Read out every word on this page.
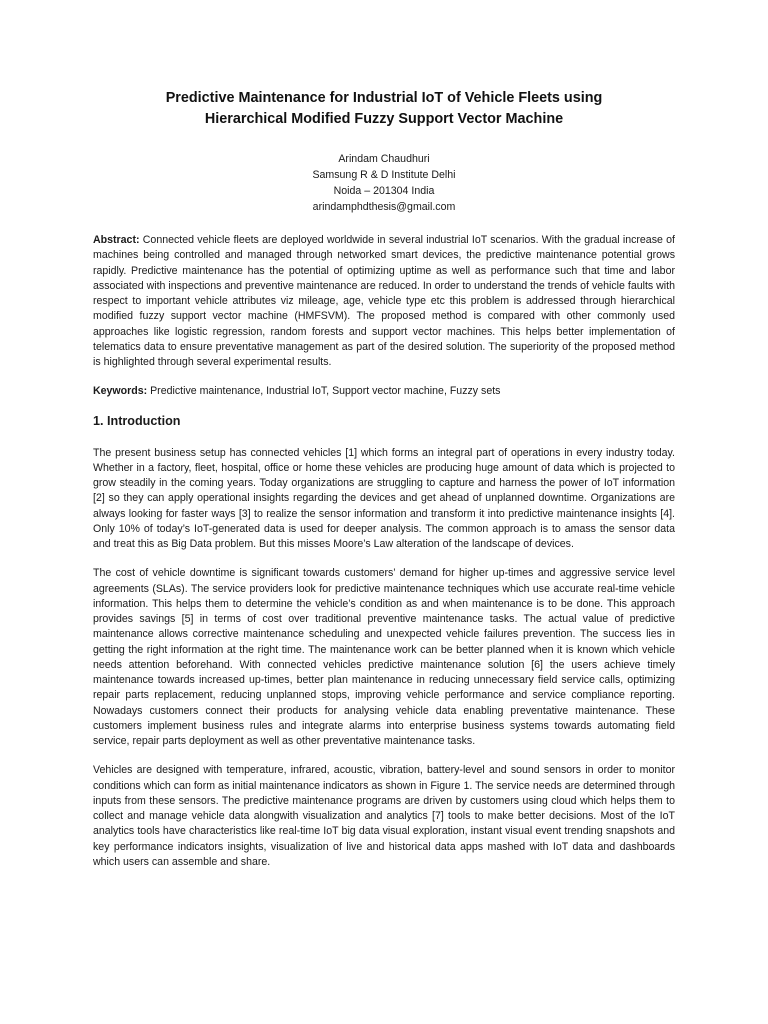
Predictive Maintenance for Industrial IoT of Vehicle Fleets using
Hierarchical Modified Fuzzy Support Vector Machine
Arindam Chaudhuri
Samsung R & D Institute Delhi
Noida – 201304 India
arindamphdthesis@gmail.com

Abstract: Connected vehicle fleets are deployed worldwide in several industrial IoT scenarios. With the gradual increase of machines being controlled and managed through networked smart devices, the predictive maintenance potential grows rapidly. Predictive maintenance has the potential of optimizing uptime as well as performance such that time and labor associated with inspections and preventive maintenance are reduced. In order to understand the trends of vehicle faults with respect to important vehicle attributes viz mileage, age, vehicle type etc this problem is addressed through hierarchical modified fuzzy support vector machine (HMFSVM). The proposed method is compared with other commonly used approaches like logistic regression, random forests and support vector machines. This helps better implementation of telematics data to ensure preventative management as part of the desired solution. The superiority of the proposed method is highlighted through several experimental results.

Keywords: Predictive maintenance, Industrial IoT, Support vector machine, Fuzzy sets

1. Introduction

The present business setup has connected vehicles [1] which forms an integral part of operations in every industry today. Whether in a factory, fleet, hospital, office or home these vehicles are producing huge amount of data which is projected to grow steadily in the coming years. Today organizations are struggling to capture and harness the power of IoT information [2] so they can apply operational insights regarding the devices and get ahead of unplanned downtime. Organizations are always looking for faster ways [3] to realize the sensor information and transform it into predictive maintenance insights [4]. Only 10% of today’s IoT-generated data is used for deeper analysis. The common approach is to amass the sensor data and treat this as Big Data problem. But this misses Moore’s Law alteration of the landscape of devices.

The cost of vehicle downtime is significant towards customers’ demand for higher up-times and aggressive service level agreements (SLAs). The service providers look for predictive maintenance techniques which use accurate real-time vehicle information. This helps them to determine the vehicle’s condition as and when maintenance is to be done. This approach provides savings [5] in terms of cost over traditional preventive maintenance tasks. The actual value of predictive maintenance allows corrective maintenance scheduling and unexpected vehicle failures prevention. The success lies in getting the right information at the right time. The maintenance work can be better planned when it is known which vehicle needs attention beforehand. With connected vehicles predictive maintenance solution [6] the users achieve timely maintenance towards increased up-times, better plan maintenance in reducing unnecessary field service calls, optimizing repair parts replacement, reducing unplanned stops, improving vehicle performance and service compliance reporting. Nowadays customers connect their products for analysing vehicle data enabling preventative maintenance. These customers implement business rules and integrate alarms into enterprise business systems towards automating field service, repair parts deployment as well as other preventative maintenance tasks.

Vehicles are designed with temperature, infrared, acoustic, vibration, battery-level and sound sensors in order to monitor conditions which can form as initial maintenance indicators as shown in Figure 1. The service needs are determined through inputs from these sensors. The predictive maintenance programs are driven by customers using cloud which helps them to collect and manage vehicle data alongwith visualization and analytics [7] tools to make better decisions. Most of the IoT analytics tools have characteristics like real-time IoT big data visual exploration, instant visual event trending snapshots and key performance indicators insights, visualization of live and historical data apps mashed with IoT data and dashboards which users can assemble and share.
